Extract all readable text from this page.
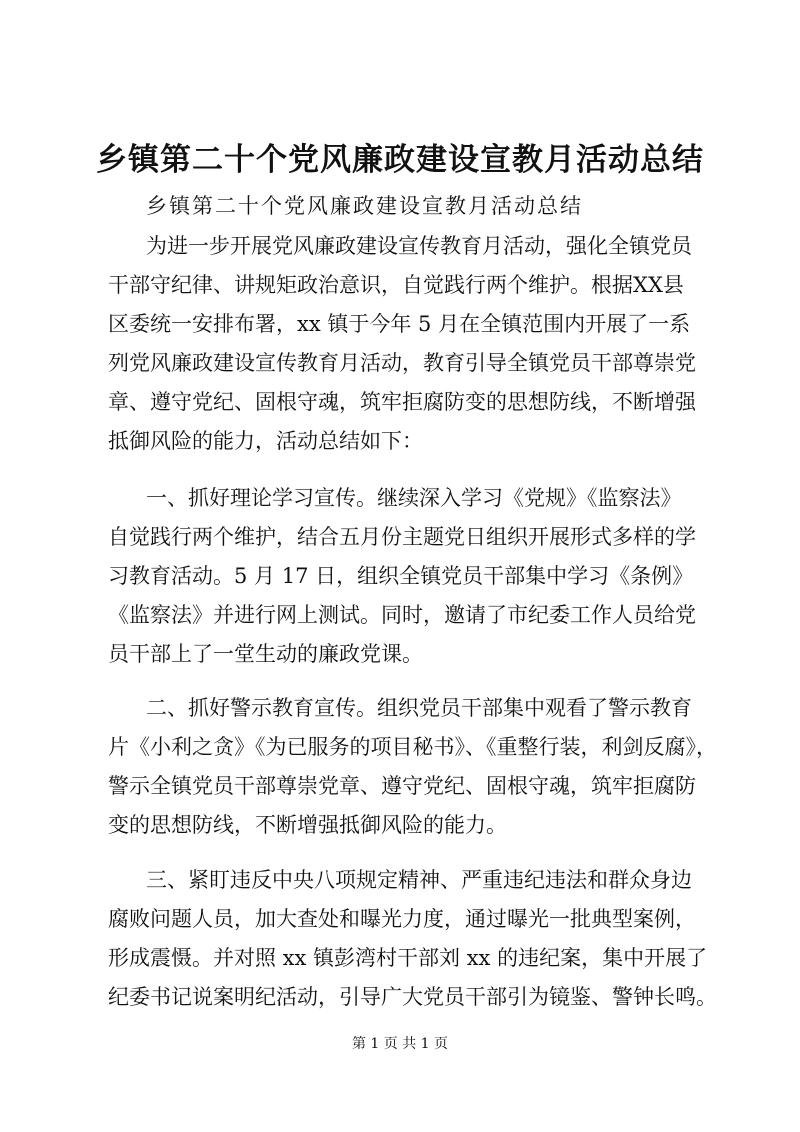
乡镇第二十个党风廉政建设宣教月活动总结
乡镇第二十个党风廉政建设宣教月活动总结
为进一步开展党风廉政建设宣传教育月活动，强化全镇党员
干部守纪律、讲规矩政治意识，自觉践行两个维护。根据XX县
区委统一安排布署，xx 镇于今年 5 月在全镇范围内开展了一系
列党风廉政建设宣传教育月活动，教育引导全镇党员干部尊崇党
章、遵守党纪、固根守魂，筑牢拒腐防变的思想防线，不断增强
抵御风险的能力，活动总结如下：
一、抓好理论学习宣传。继续深入学习《党规》《监察法》
自觉践行两个维护，结合五月份主题党日组织开展形式多样的学
习教育活动。5 月 17 日，组织全镇党员干部集中学习《条例》
《监察法》并进行网上测试。同时，邀请了市纪委工作人员给党
员干部上了一堂生动的廉政党课。
二、抓好警示教育宣传。组织党员干部集中观看了警示教育
片《小利之贪》《为已服务的项目秘书》、《重整行装，利剑反腐》，
警示全镇党员干部尊崇党章、遵守党纪、固根守魂，筑牢拒腐防
变的思想防线，不断增强抵御风险的能力。
三、紧盯违反中央八项规定精神、严重违纪违法和群众身边
腐败问题人员，加大查处和曝光力度，通过曝光一批典型案例，
形成震慑。并对照 xx 镇彭湾村干部刘 xx 的违纪案，集中开展了
纪委书记说案明纪活动，引导广大党员干部引为镜鉴、警钟长鸣。
第 1 页 共 1 页
